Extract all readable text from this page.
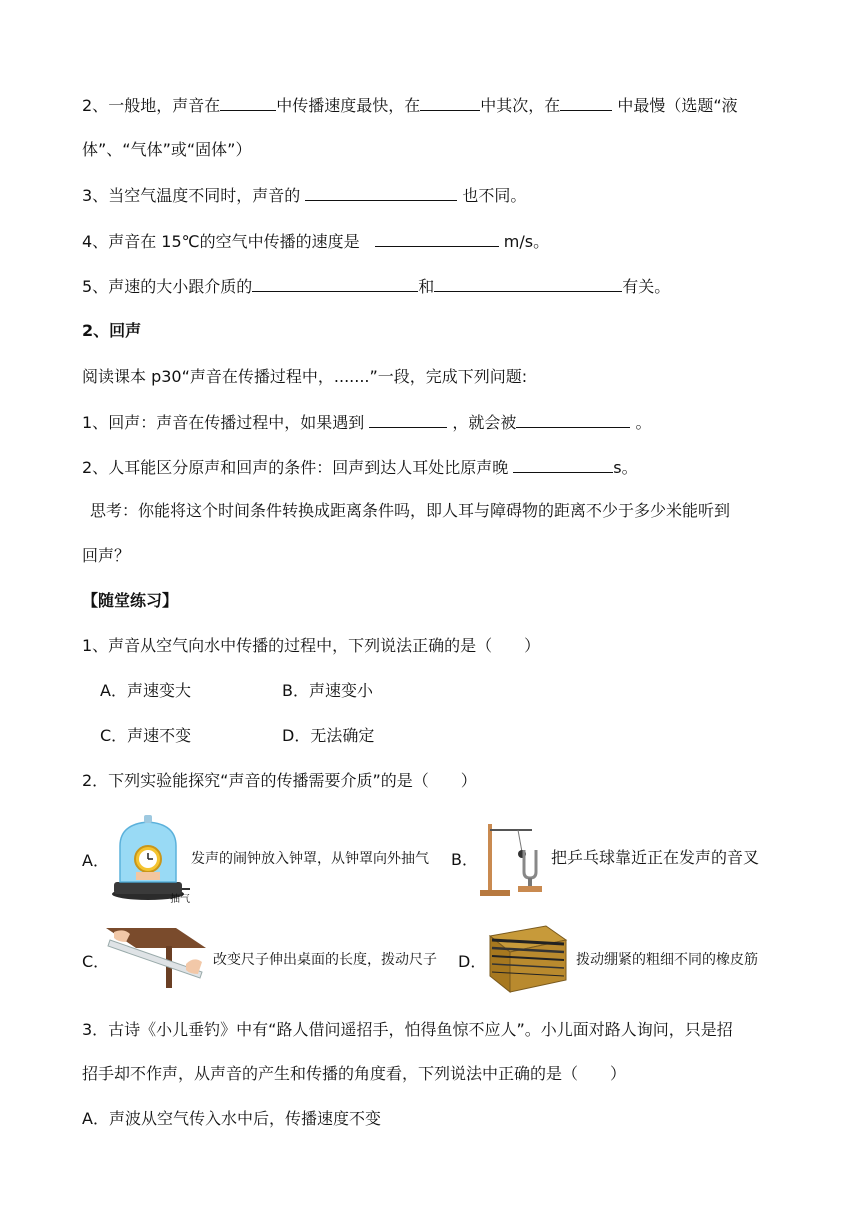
2、一般地，声音在	中传播速度最快，在	中其次，在	中最慢（选题“液
体”、“气体”或“固体”）
3、当空气温度不同时，声音的	也不同。
4、声音在 15℃的空气中传播的速度是	m/s。
5、声速的大小跟介质的	和	有关。
2、回声
阅读课本 p30“声音在传播过程中，.......”一段，完成下列问题:
1、回声：声音在传播过程中，如果遇到	，就会被	。
2、人耳能区分原声和回声的条件：回声到达人耳处比原声晚	s。
思考：你能将这个时间条件转换成距离条件吗，即人耳与障碍物的距离不少于多少米能听到
回声？
【随堂练习】
1、声音从空气向水中传播的过程中，下列说法正确的是（　　）
A．声速变大	B．声速变小
C．声速不变	D．无法确定
2．下列实验能探究“声音的传播需要介质”的是（　　）
A．
抽气
发声的闹钟放入钟罩，从钟罩向外抽气 B．	把乒乓球靠近正在发声的音叉
C．	改变尺子伸出桌面的长度，拨动尺子 D．	拨动绷紧的粗细不同的橡皮筋
3．古诗《小儿垂钓》中有“路人借问遥招手，怕得鱼惊不应人”。小儿面对路人询问，只是招
招手却不作声，从声音的产生和传播的角度看，下列说法中正确的是（　　）
A．声波从空气传入水中后，传播速度不变
